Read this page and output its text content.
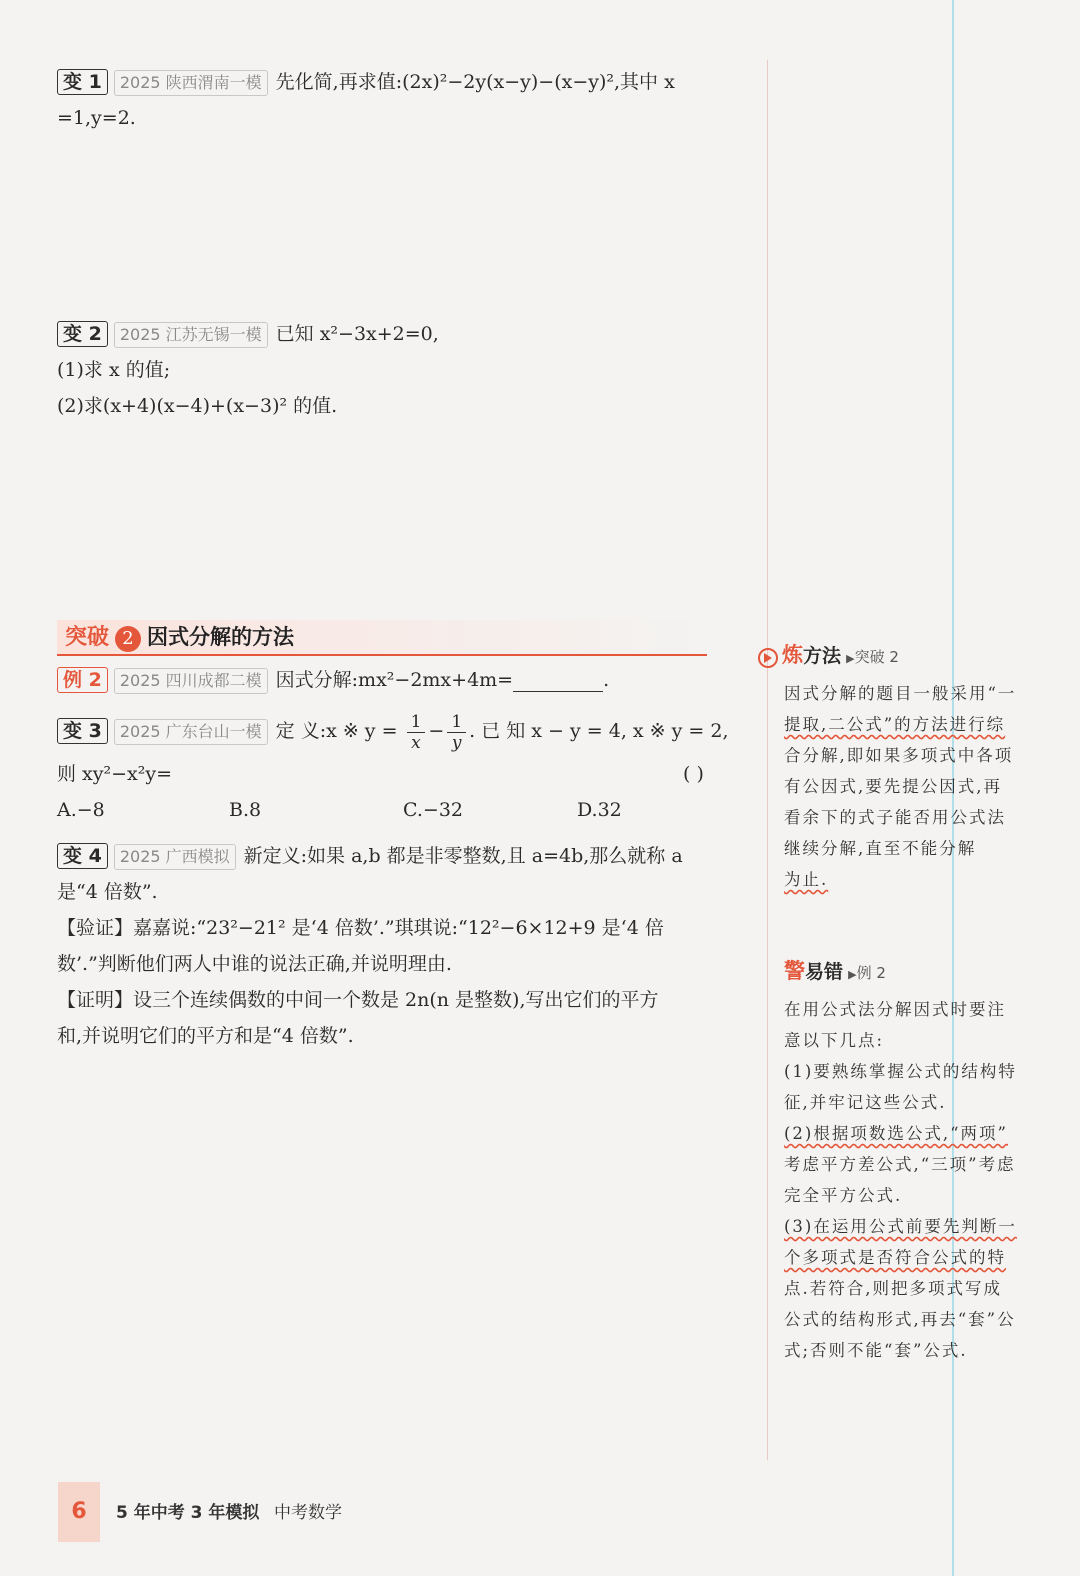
变 1 2025 陕西渭南一模 先化简,再求值:(2x)²−2y(x−y)−(x−y)²,其中 x
=1,y=2.
变 2 2025 江苏无锡一模 已知 x²−3x+2=0,
(1)求 x 的值;
(2)求(x+4)(x−4)+(x−3)² 的值.
突破 2 因式分解的方法
例 2 2025 四川成都二模 因式分解:mx²−2mx+4m=	.
变 3 2025 广东台山一模 定 义:x ※ $y = \frac{1}{x} - \frac{1}{y}$ . 已 知 x − y = 4, x ※ y = 2,
则 xy²−x²y=	( )
A.−8	B.8	C.−32	D.32
变 4 2025 广西模拟 新定义:如果 a,b 都是非零整数,且 a=4b,那么就称 a
是“4 倍数”.
【验证】嘉嘉说:“23²−21² 是‘4 倍数’.”琪琪说:“12²−6×12+9 是‘4 倍
数’.”判断他们两人中谁的说法正确,并说明理由.
【证明】设三个连续偶数的中间一个数是 2n(n 是整数),写出它们的平方
和,并说明它们的平方和是“4 倍数”.
炼方法 ▶突破 2
因式分解的题目一般采用“一
提取,二公式”的方法进行综
合分解,即如果多项式中各项
有公因式,要先提公因式,再
看余下的式子能否用公式法
继续分解,直至不能分解
为止.
警易错 ▶例 2
在用公式法分解因式时要注
意以下几点:
(1)要熟练掌握公式的结构特
征,并牢记这些公式.
(2)根据项数选公式,“两项”
考虑平方差公式,“三项”考虑
完全平方公式.
(3)在运用公式前要先判断一
个多项式是否符合公式的特
点.若符合,则把多项式写成
公式的结构形式,再去“套”公
式;否则不能“套”公式.
6	5 年中考 3 年模拟 中考数学
